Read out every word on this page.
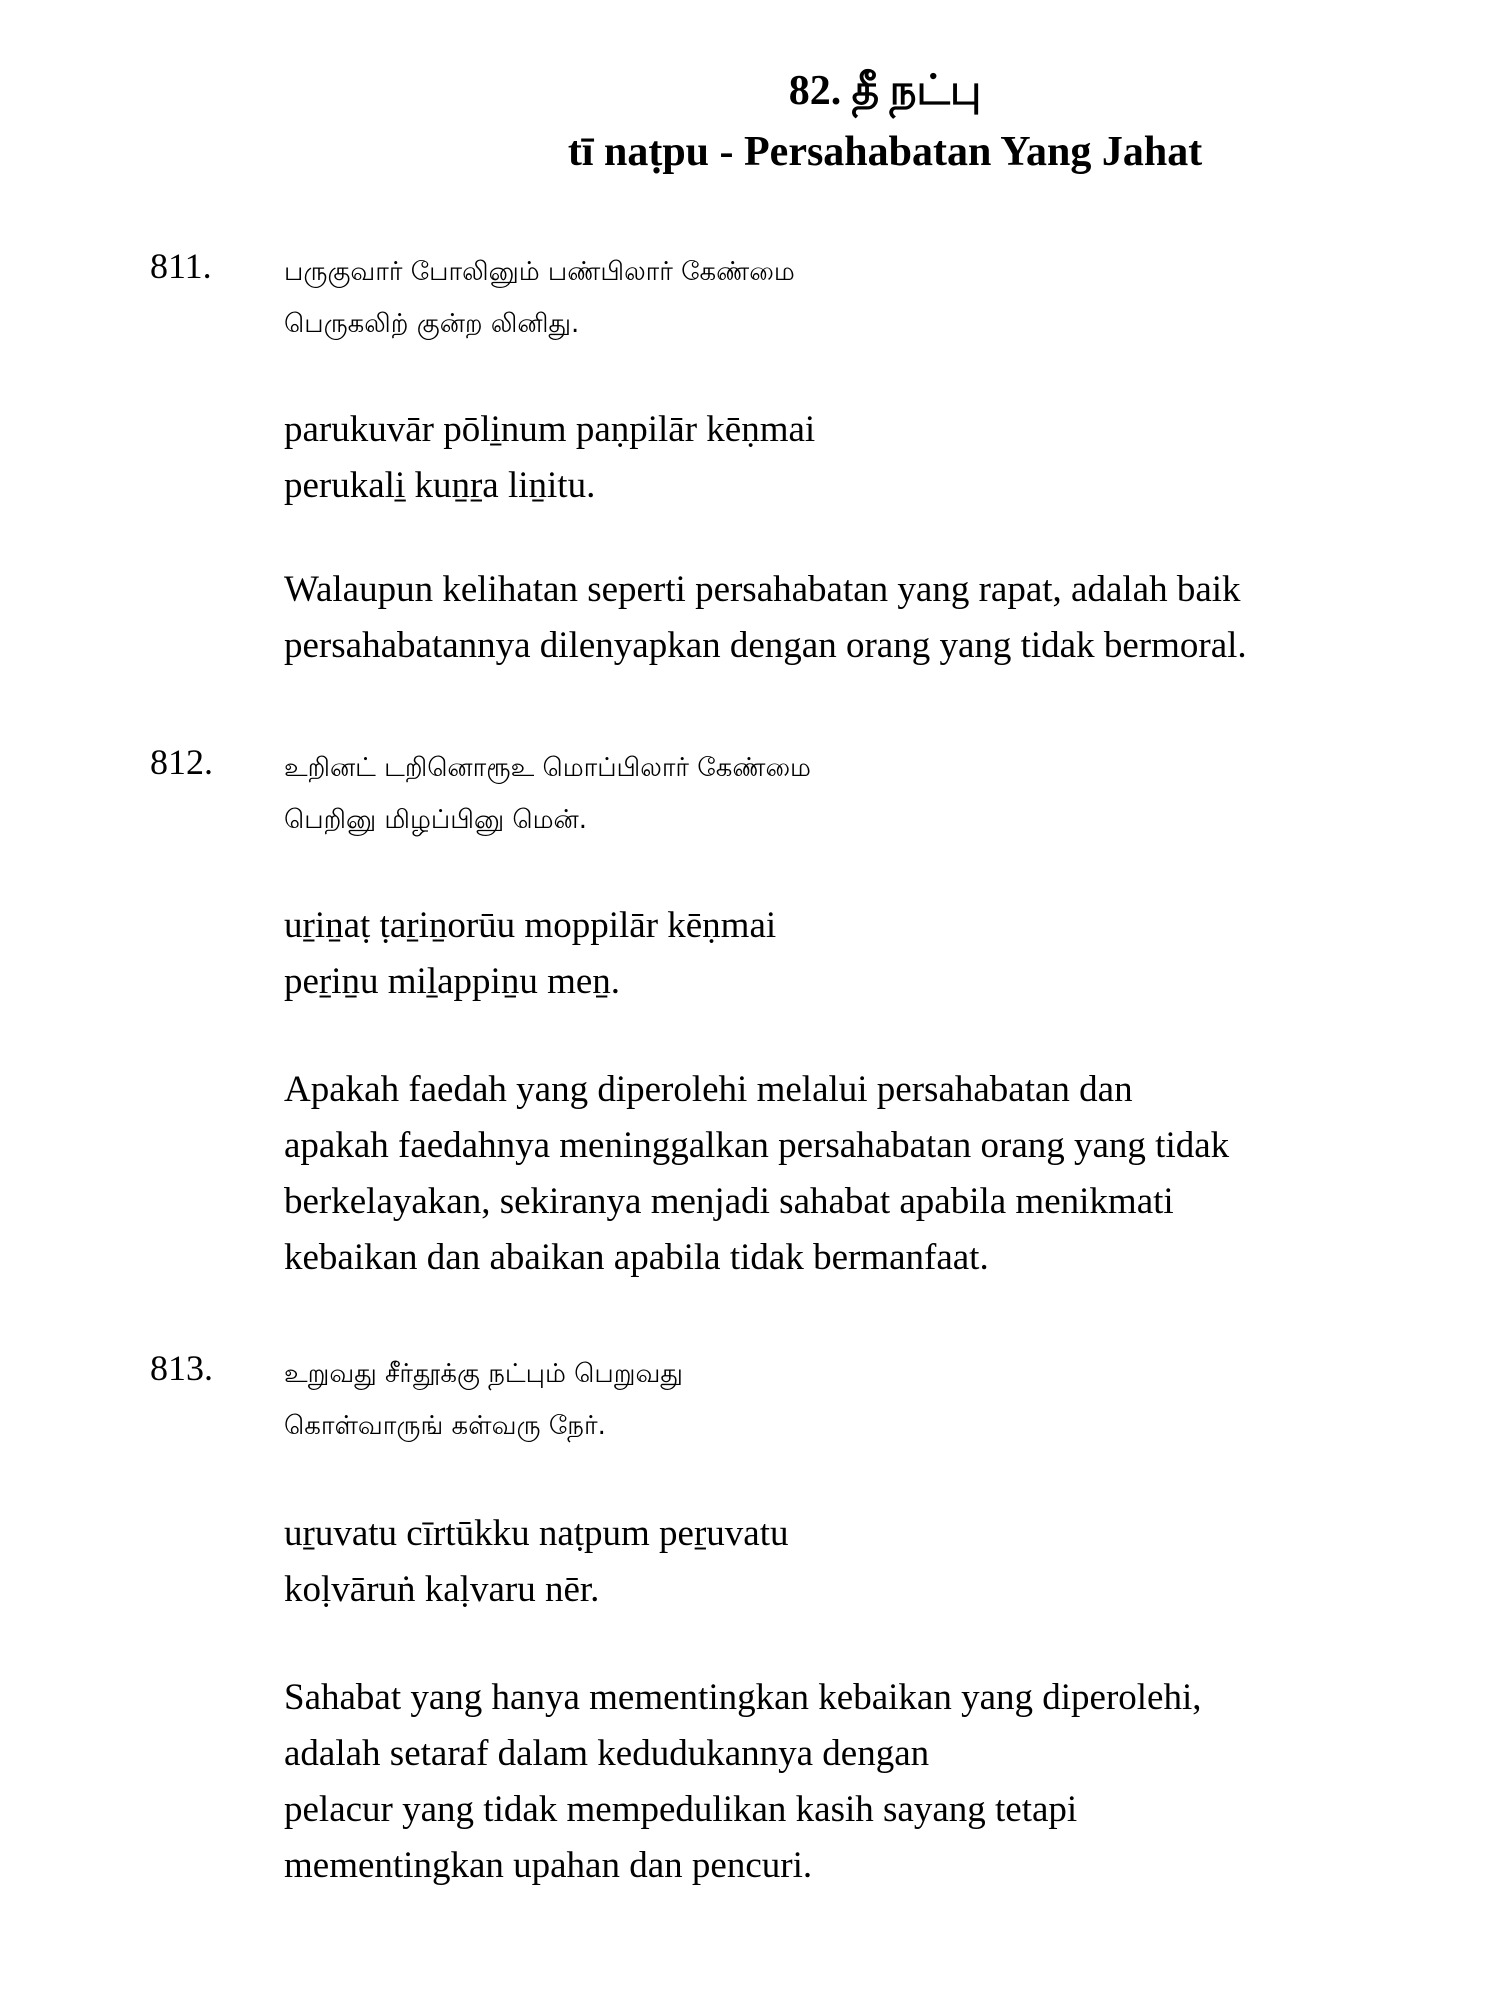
82. தீ நட்பு
tī naṭpu - Persahabatan Yang Jahat
811.	பருகுவார் போலினும் பண்பிலார் கேண்மை
பெருகலிற் குன்ற லினிது.
parukuvār pōli̱num paṇpilār kēṇmai
perukali̱ kuṉṟa liṉitu.
Walaupun kelihatan seperti persahabatan yang rapat, adalah baik
persahabatannya dilenyapkan dengan orang yang tidak bermoral.
812.	உறினட் டறினொரூஉ மொப்பிலார் கேண்மை
பெறினு மிழப்பினு மென்.
uṟiṉaṭ ṭaṟiṉorūu moppilār kēṇmai
peṟiṉu miḻappiṉu meṉ.
Apakah faedah yang diperolehi melalui persahabatan dan
apakah faedahnya meninggalkan persahabatan orang yang tidak
berkelayakan, sekiranya menjadi sahabat apabila menikmati
kebaikan dan abaikan apabila tidak bermanfaat.
813.	உறுவது சீர்தூக்கு நட்பும் பெறுவது
கொள்வாருங் கள்வரு நேர்.
uṟuvatu cīrtūkku naṭpum peṟuvatu
koḷvāruṅ kaḷvaru nēr.
Sahabat yang hanya mementingkan kebaikan yang diperolehi,
adalah setaraf dalam kedudukannya dengan
pelacur yang tidak mempedulikan kasih sayang tetapi
mementingkan upahan dan pencuri.
